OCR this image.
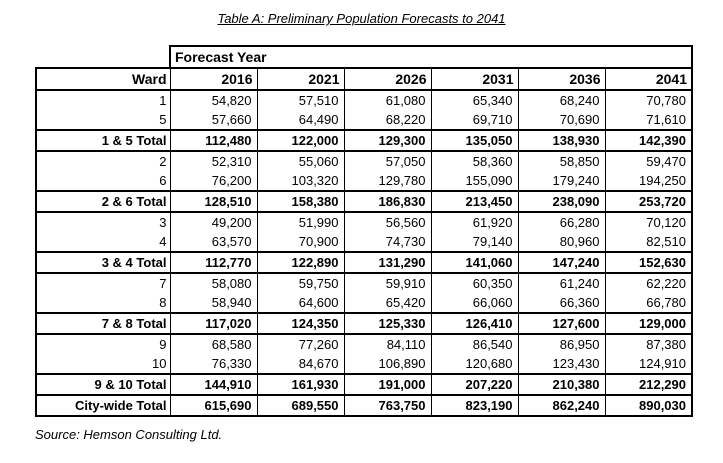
Table A: Preliminary Population Forecasts to 2041
	Forecast Year					
Ward	2016	2021	2026	2031	2036	2041
1	54,820	57,510	61,080	65,340	68,240	70,780
5	57,660	64,490	68,220	69,710	70,690	71,610
1 & 5 Total	112,480	122,000	129,300	135,050	138,930	142,390
2	52,310	55,060	57,050	58,360	58,850	59,470
6	76,200	103,320	129,780	155,090	179,240	194,250
2 & 6 Total	128,510	158,380	186,830	213,450	238,090	253,720
3	49,200	51,990	56,560	61,920	66,280	70,120
4	63,570	70,900	74,730	79,140	80,960	82,510
3 & 4 Total	112,770	122,890	131,290	141,060	147,240	152,630
7	58,080	59,750	59,910	60,350	61,240	62,220
8	58,940	64,600	65,420	66,060	66,360	66,780
7 & 8 Total	117,020	124,350	125,330	126,410	127,600	129,000
9	68,580	77,260	84,110	86,540	86,950	87,380
10	76,330	84,670	106,890	120,680	123,430	124,910
9 & 10 Total	144,910	161,930	191,000	207,220	210,380	212,290
City-wide Total	615,690	689,550	763,750	823,190	862,240	890,030
Source: Hemson Consulting Ltd.
